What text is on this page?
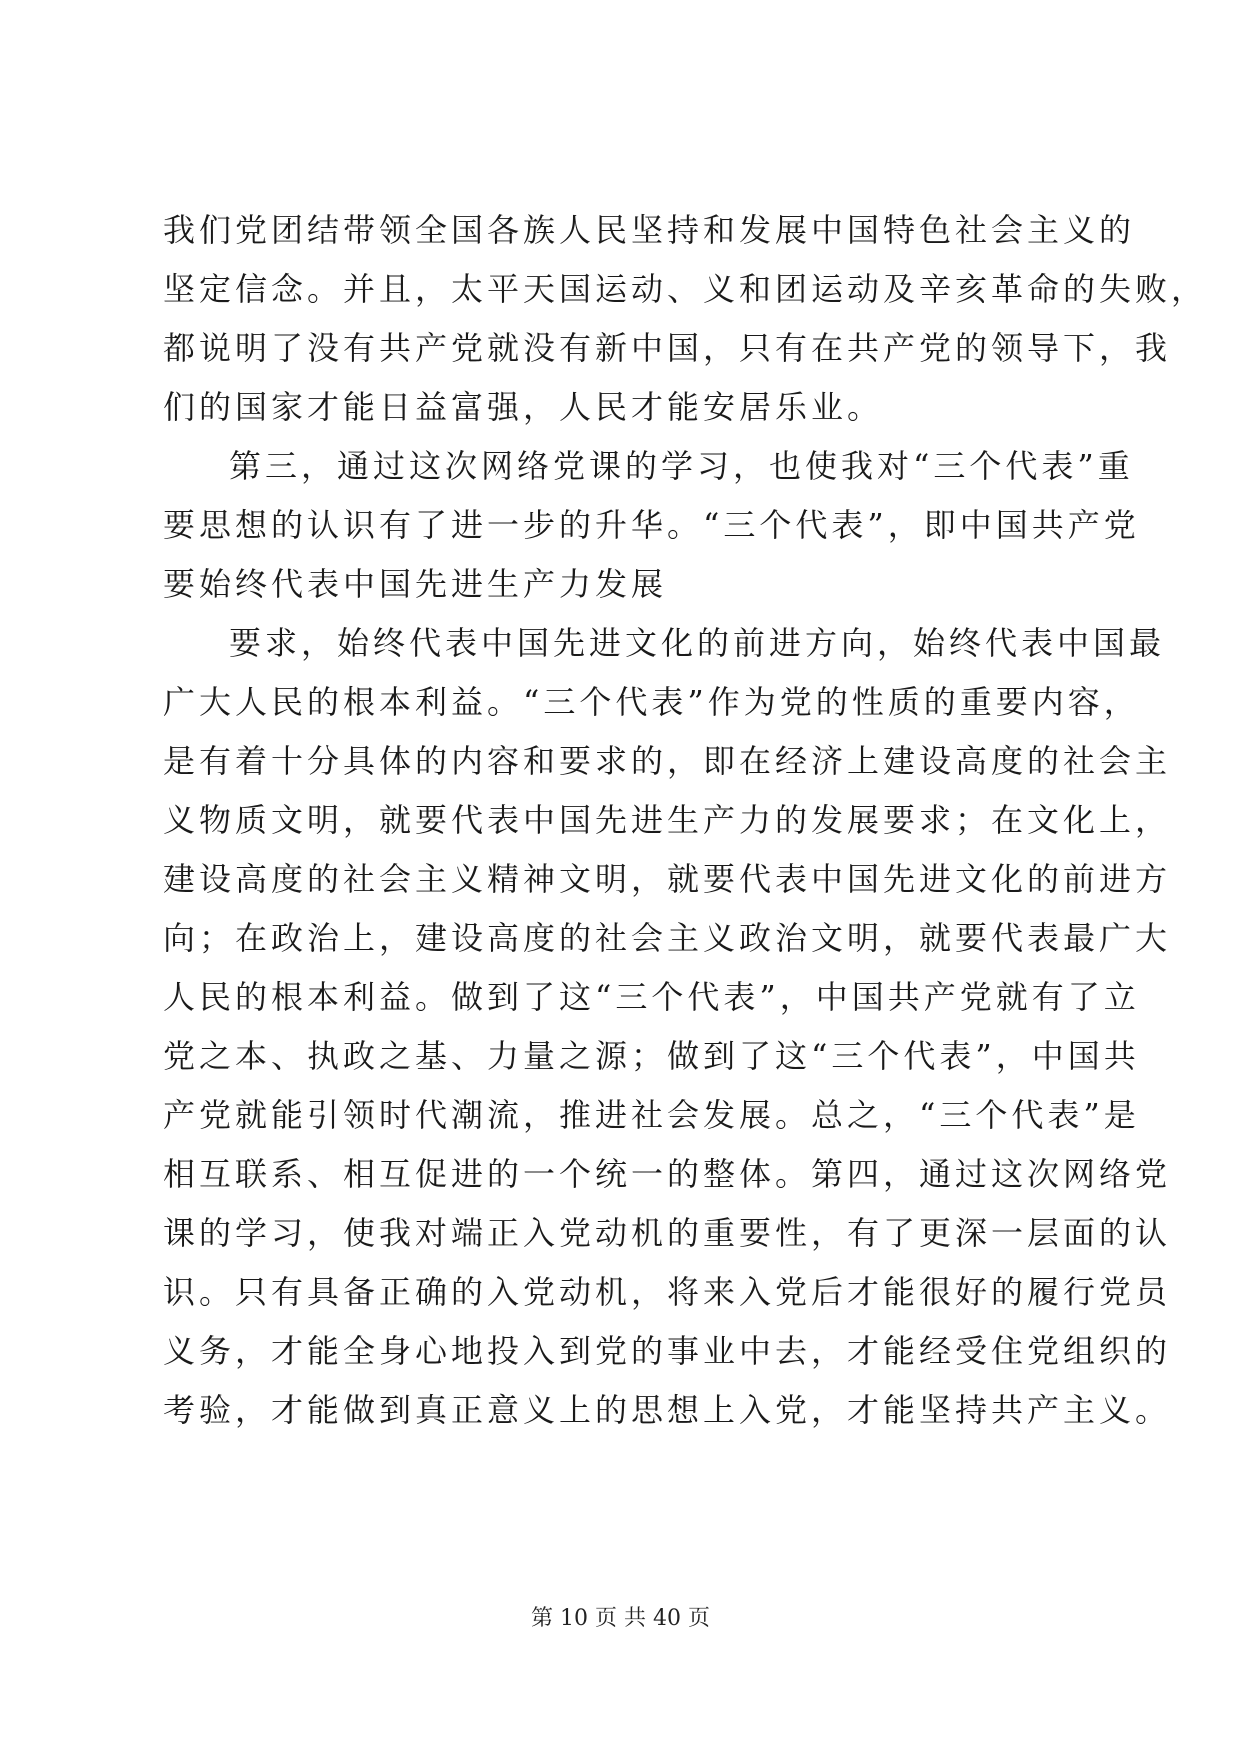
我们党团结带领全国各族人民坚持和发展中国特色社会主义的
坚定信念。并且，太平天国运动、义和团运动及辛亥革命的失败，
都说明了没有共产党就没有新中国，只有在共产党的领导下，我
们的国家才能日益富强，人民才能安居乐业。
第三，通过这次网络党课的学习，也使我对“三个代表”重
要思想的认识有了进一步的升华。“三个代表”，即中国共产党
要始终代表中国先进生产力发展
要求，始终代表中国先进文化的前进方向，始终代表中国最
广大人民的根本利益。“三个代表”作为党的性质的重要内容，
是有着十分具体的内容和要求的，即在经济上建设高度的社会主
义物质文明，就要代表中国先进生产力的发展要求；在文化上，
建设高度的社会主义精神文明，就要代表中国先进文化的前进方
向；在政治上，建设高度的社会主义政治文明，就要代表最广大
人民的根本利益。做到了这“三个代表”，中国共产党就有了立
党之本、执政之基、力量之源；做到了这“三个代表”，中国共
产党就能引领时代潮流，推进社会发展。总之，“三个代表”是
相互联系、相互促进的一个统一的整体。第四，通过这次网络党
课的学习，使我对端正入党动机的重要性，有了更深一层面的认
识。只有具备正确的入党动机，将来入党后才能很好的履行党员
义务，才能全身心地投入到党的事业中去，才能经受住党组织的
考验，才能做到真正意义上的思想上入党，才能坚持共产主义。
第 10 页 共 40 页
